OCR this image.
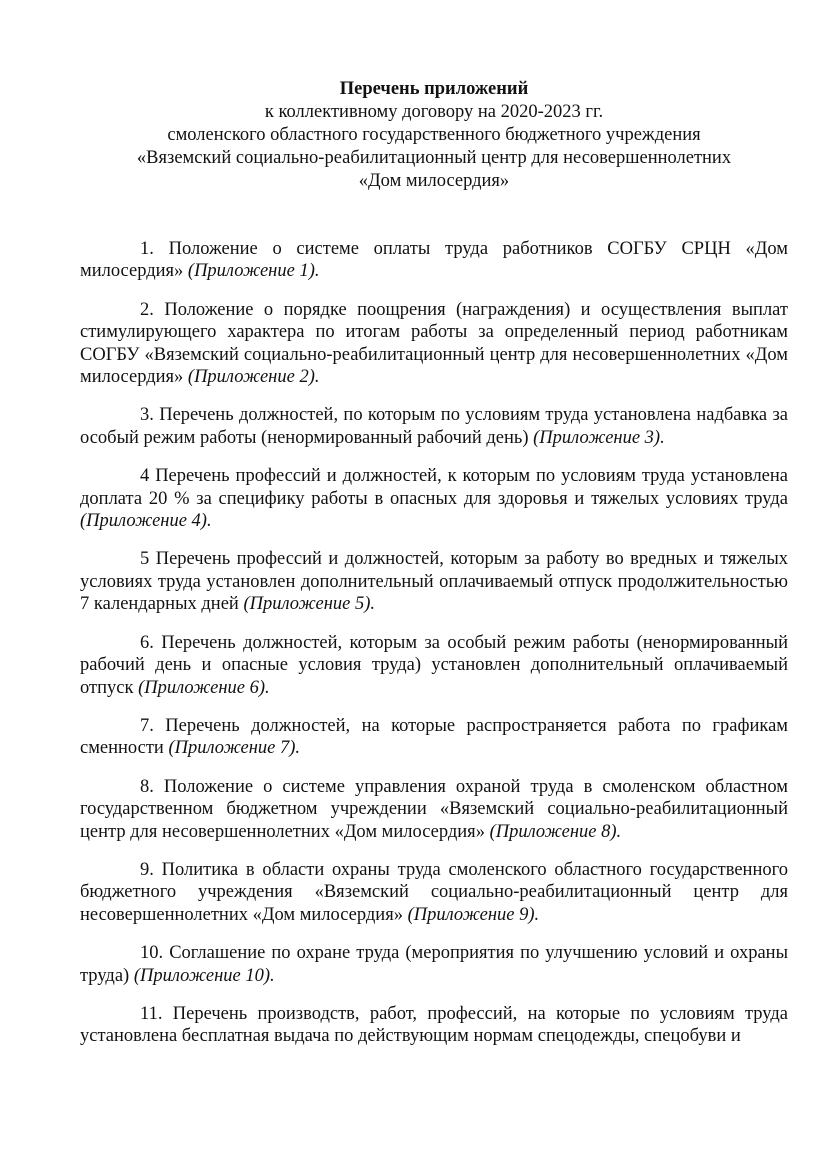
Перечень приложений
к коллективному договору на 2020-2023 гг.
смоленского областного государственного бюджетного учреждения
«Вяземский социально-реабилитационный центр для несовершеннолетних
«Дом милосердия»

1. Положение о системе оплаты труда работников СОГБУ СРЦН «Дом милосердия» (Приложение 1).

2. Положение о порядке поощрения (награждения) и осуществления выплат стимулирующего характера по итогам работы за определенный период работникам СОГБУ «Вяземский социально-реабилитационный центр для несовершеннолетних «Дом милосердия» (Приложение 2).

3. Перечень должностей, по которым по условиям труда установлена надбавка за особый режим работы (ненормированный рабочий день) (Приложение 3).

4 Перечень профессий и должностей, к которым по условиям труда установлена доплата 20 % за специфику работы в опасных для здоровья и тяжелых условиях труда (Приложение 4).

5 Перечень профессий и должностей, которым за работу во вредных и тяжелых условиях труда установлен дополнительный оплачиваемый отпуск продолжительностью 7 календарных дней (Приложение 5).

6. Перечень должностей, которым за особый режим работы (ненормированный рабочий день и опасные условия труда) установлен дополнительный оплачиваемый отпуск (Приложение 6).

7. Перечень должностей, на которые распространяется работа по графикам сменности (Приложение 7).

8. Положение о системе управления охраной труда в смоленском областном государственном бюджетном учреждении «Вяземский социально-реабилитационный центр для несовершеннолетних «Дом милосердия» (Приложение 8).

9. Политика в области охраны труда смоленского областного государственного бюджетного учреждения «Вяземский социально-реабилитационный центр для несовершеннолетних «Дом милосердия» (Приложение 9).

10. Соглашение по охране труда (мероприятия по улучшению условий и охраны труда) (Приложение 10).

11. Перечень производств, работ, профессий, на которые по условиям труда установлена бесплатная выдача по действующим нормам спецодежды, спецобуви и
